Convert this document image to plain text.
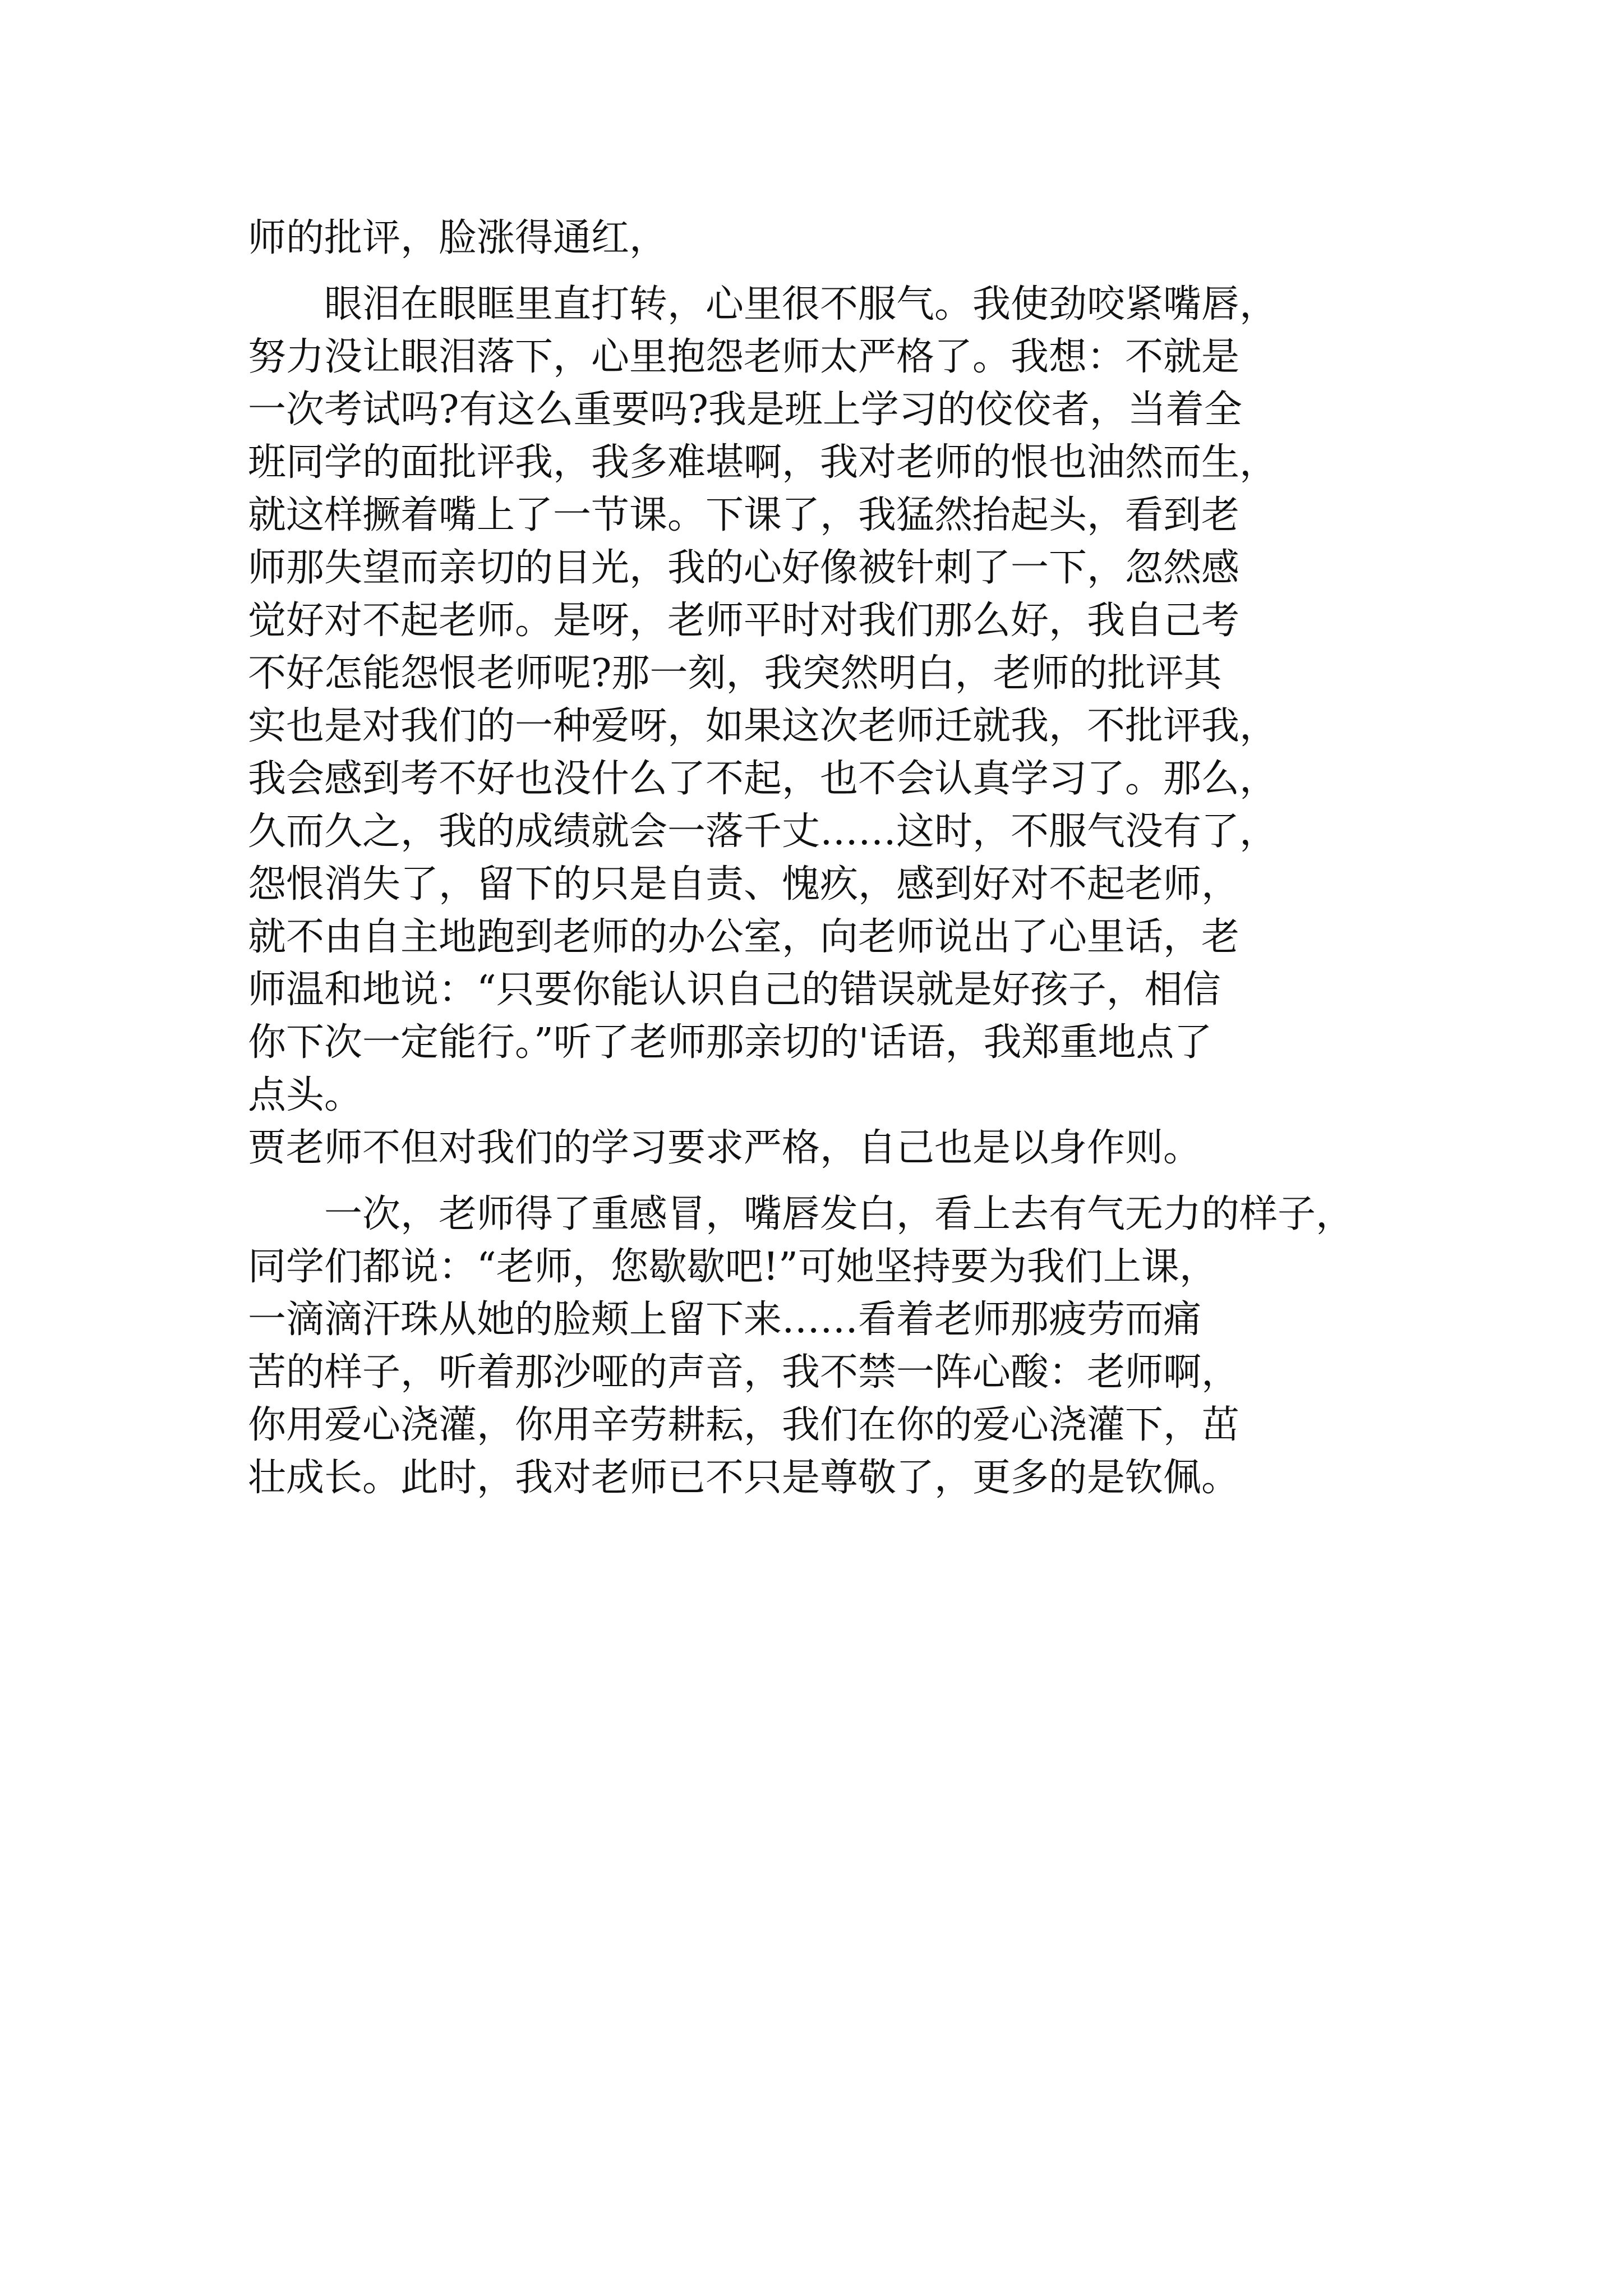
师的批评，脸涨得通红，
眼泪在眼眶里直打转，心里很不服气。我使劲咬紧嘴唇，
努力没让眼泪落下，心里抱怨老师太严格了。我想：不就是
一次考试吗?有这么重要吗?我是班上学习的佼佼者，当着全
班同学的面批评我，我多难堪啊，我对老师的恨也油然而生，
就这样撅着嘴上了一节课。下课了，我猛然抬起头，看到老
师那失望而亲切的目光，我的心好像被针刺了一下，忽然感
觉好对不起老师。是呀，老师平时对我们那么好，我自己考
不好怎能怨恨老师呢?那一刻，我突然明白，老师的批评其
实也是对我们的一种爱呀，如果这次老师迁就我，不批评我，
我会感到考不好也没什么了不起，也不会认真学习了。那么，
久而久之，我的成绩就会一落千丈……这时，不服气没有了，
怨恨消失了，留下的只是自责、愧疚，感到好对不起老师，
就不由自主地跑到老师的办公室，向老师说出了心里话，老
师温和地说：“只要你能认识自己的错误就是好孩子，相信
你下次一定能行。”听了老师那亲切的'话语，我郑重地点了
点头。
贾老师不但对我们的学习要求严格，自己也是以身作则。
一次，老师得了重感冒，嘴唇发白，看上去有气无力的样子，
同学们都说：“老师，您歇歇吧!”可她坚持要为我们上课，
一滴滴汗珠从她的脸颊上留下来……看着老师那疲劳而痛
苦的样子，听着那沙哑的声音，我不禁一阵心酸：老师啊，
你用爱心浇灌，你用辛劳耕耘，我们在你的爱心浇灌下，茁
壮成长。此时，我对老师已不只是尊敬了，更多的是钦佩。
